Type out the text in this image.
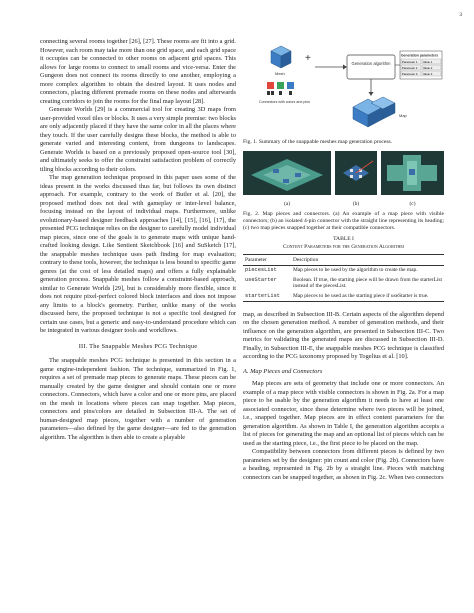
3

connecting several rooms together [26], [27]. These rooms are fit into a grid. However, each room may take more than one grid space, and each grid space it occupies can be connected to other rooms on adjacent grid spaces. This allows for large rooms to connect to small rooms and vice-versa. Enter the Gungeon does not connect its rooms directly to one another, employing a more complex algorithm to obtain the desired layout. It uses nodes and connectors, placing different premade rooms on these nodes and afterwards creating corridors to join the rooms for the final map layout [28].

Generate Worlds [29] is a commercial tool for creating 3D maps from user-provided voxel tiles or blocks. It uses a very simple premise: two blocks are only adjacently placed if they have the same color in all the places where they touch. If the user carefully designs these blocks, the method is able to generate varied and interesting content, from dungeons to landscapes. Generate Worlds is based on a previously proposed open-source tool [30], and ultimately seeks to offer the constraint satisfaction problem of correctly tiling blocks according to their colors.

The map generation technique proposed in this paper uses some of the ideas present in the works discussed thus far, but follows its own distinct approach. For example, contrary to the work of Butler et al. [20], the proposed method does not deal with gameplay or inter-level balance, focusing instead on the layout of individual maps. Furthermore, unlike evolutionary-based designer feedback approaches [14], [15], [16], [17], the presented PCG technique relies on the designer to carefully model individual map pieces, since one of the goals is to generate maps with unique hand-crafted looking design. Like Sentient Sketchbook [16] and SuSketch [17], the snappable meshes technique uses path finding for map evaluation; contrary to these tools, however, the technique is less bound to specific game genres (at the cost of less detailed maps) and offers a fully explainable generation process. Snappable meshes follow a constraint-based approach, similar to Generate Worlds [29], but is considerably more flexible, since it does not require pixel-perfect colored block interfaces and does not impose any limits to a block's geometry. Further, unlike many of the works discussed here, the proposed technique is not a specific tool designed for certain use cases, but a generic and easy-to-understand procedure which can be integrated in various designer tools and workflows.

III. The Snappable Meshes PCG Technique

The snappable meshes PCG technique is presented in this section in a game engine-independent fashion. The technique, summarized in Fig. 1, requires a set of premade map pieces to generate maps. These pieces can be manually created by the game designer and should contain one or more connectors. Connectors, which have a color and one or more pins, are placed on the mesh in locations where pieces can snap together. Map pieces, connectors and pins/colors are detailed in Subsection III-A. The set of human-designed map pieces, together with a number of generation parameters—also defined by the game designer—are fed to the generation algorithm. The algorithm is then able to create a playable

Mesh
+
Connectors with colors and pins
Generation algorithm
Generation parameters
Parameter 1 Value 1
Parameter 2 Value 2
Parameter 3 Value 3
Map
Fig. 1. Summary of the snappable meshes map generation process.
(a)	(b)	(c)
Fig. 2. Map pieces and connectors. (a) An example of a map piece with visible connectors; (b) an isolated 4-pin connector with the straight line representing its heading; (c) two map pieces snapped together at their compatible connectors.
TABLE I
Content Parameters for the Generation Algorithm
Parameter	Description
piecesList	Map pieces to be used by the algorithm to create the map.
useStarter	Boolean. If true, the starting piece will be drawn from the starterList instead of the piecesList.
starterList	Map pieces to be used as the starting piece if useStarter is true.

map, as described in Subsection III-B. Certain aspects of the algorithm depend on the chosen generation method. A number of generation methods, and their influence on the generation algorithm, are presented in Subsection III-C. Two metrics for validating the generated maps are discussed in Subsection III-D. Finally, in Subsection III-E, the snappable meshes PCG technique is classified according to the PCG taxonomy proposed by Togelius et al. [10].

A. Map Pieces and Connectors

Map pieces are sets of geometry that include one or more connectors. An example of a map piece with visible connectors is shown in Fig. 2a. For a map piece to be usable by the generation algorithm it needs to have at least one associated connector, since these determine where two pieces will be joined, i.e., snapped together. Map pieces are in effect content parameters for the generation algorithm. As shown in Table I, the generation algorithm accepts a list of pieces for generating the map and an optional list of pieces which can be used as the starting piece, i.e., the first piece to be placed on the map.

Compatibility between connectors from different pieces is defined by two parameters set by the designer: pin count and color (Fig. 2b). Connectors have a heading, represented in Fig. 2b by a straight line. Pieces with matching connectors can be snapped together, as shown in Fig. 2c. When two connectors
